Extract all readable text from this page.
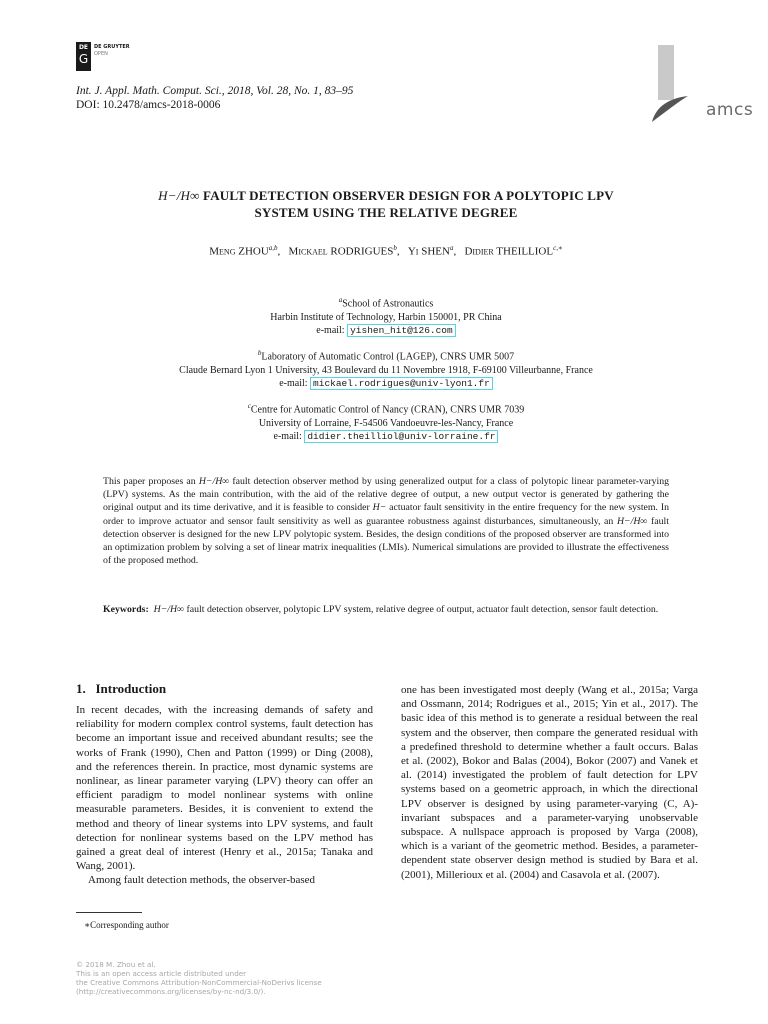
DE
G
DE GRUYTER
OPEN
Int. J. Appl. Math. Comput. Sci., 2018, Vol. 28, No. 1, 83–95
DOI: 10.2478/amcs-2018-0006	amcs
H−/H∞ FAULT DETECTION OBSERVER DESIGN FOR A POLYTOPIC LPV
SYSTEM USING THE RELATIVE DEGREE
Meng ZHOU$^{a,b}$,   Mickael RODRIGUES$^b$,   Yi SHEN$^a$,   Didier $THEILLIOL^{c,∗}$
$^a$School of Astronautics
Harbin Institute of Technology, Harbin 150001, PR China
e-mail: yishen_hit@126.com
$^b$Laboratory of Automatic Control (LAGEP), CNRS UMR 5007
Claude Bernard Lyon 1 University, 43 Boulevard du 11 Novembre 1918, F-69100 Villeurbanne, France
e-mail: mickael.rodrigues@univ-lyon1.fr
$^c$Centre for Automatic Control of Nancy (CRAN), CNRS UMR 7039
University of Lorraine, F-54506 Vandoeuvre-les-Nancy, France
e-mail: didier.theilliol@univ-lorraine.fr
This paper proposes an H−/H∞ fault detection observer method by using generalized output for a class of polytopic linear parameter-varying (LPV) systems. As the main contribution, with the aid of the relative degree of output, a new output vector is generated by gathering the original output and its time derivative, and it is feasible to consider H− actuator fault sensitivity in the entire frequency for the new system. In order to improve actuator and sensor fault sensitivity as well as guarantee robustness against disturbances, simultaneously, an H−/H∞ fault detection observer is designed for the new LPV polytopic system. Besides, the design conditions of the proposed observer are transformed into an optimization problem by solving a set of linear matrix inequalities (LMIs). Numerical simulations are provided to illustrate the effectiveness of the proposed method.
Keywords: H−/H∞ fault detection observer, polytopic LPV system, relative degree of output, actuator fault detection, sensor fault detection.
1.   Introduction

In recent decades, with the increasing demands of safety and reliability for modern complex control systems, fault detection has become an important issue and received abundant results; see the works of Frank (1990), Chen and Patton (1999) or Ding (2008), and the references therein. In practice, most dynamic systems are nonlinear, as linear parameter varying (LPV) theory can offer an efficient paradigm to model nonlinear systems with online measurable parameters. Besides, it is convenient to extend the method and theory of linear systems into LPV systems, and fault detection for nonlinear systems based on the LPV method has gained a great deal of interest (Henry et al., 2015a; Tanaka and Wang, 2001).

Among fault detection methods, the observer-based

one has been investigated most deeply (Wang et al., 2015a; Varga and Ossmann, 2014; Rodrigues et al., 2015; Yin et al., 2017). The basic idea of this method is to generate a residual between the real system and the observer, then compare the generated residual with a predefined threshold to determine whether a fault occurs. Balas et al. (2002), Bokor and Balas (2004), Bokor (2007) and Vanek et al. (2014) investigated the problem of fault detection for LPV systems based on a geometric approach, in which the directional LPV observer is designed by using parameter-varying (C, A)-invariant subspaces and a parameter-varying unobservable subspace. A nullspace approach is proposed by Varga (2008), which is a variant of the geometric method. Besides, a parameter-dependent state observer design method is studied by Bara et al. (2001), Millerioux et al. (2004) and Casavola et al. (2007).

∗Corresponding author
© 2018 M. Zhou et al.
This is an open access article distributed under
the Creative Commons Attribution-NonCommercial-NoDerivs license
(http://creativecommons.org/licenses/by-nc-nd/3.0/).
